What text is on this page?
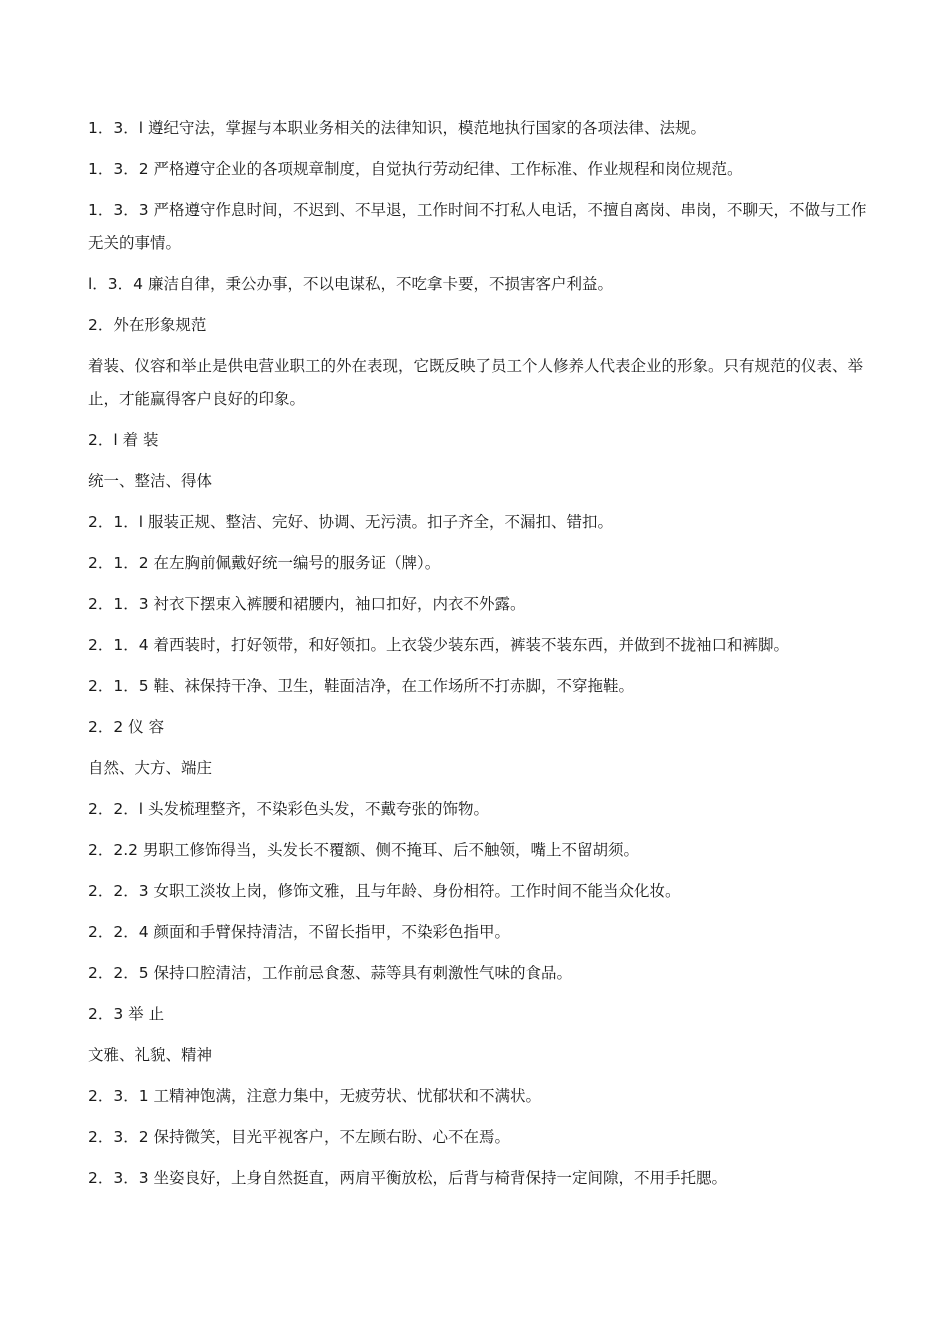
1．3．l 遵纪守法，掌握与本职业务相关的法律知识，模范地执行国家的各项法律、法规。

1．3．2 严格遵守企业的各项规章制度，自觉执行劳动纪律、工作标准、作业规程和岗位规范。

1．3．3 严格遵守作息时间，不迟到、不早退，工作时间不打私人电话，不擅自离岗、串岗，不聊天，不做与工作无关的事情。

l．3．4 廉洁自律，秉公办事，不以电谋私，不吃拿卡要，不损害客户利益。

2．外在形象规范

着装、仪容和举止是供电营业职工的外在表现，它既反映了员工个人修养人代表企业的形象。只有规范的仪表、举止，才能赢得客户良好的印象。

2．l 着 装

统一、整洁、得体

2．1．l 服装正规、整洁、完好、协调、无污渍。扣子齐全，不漏扣、错扣。

2．1．2 在左胸前佩戴好统一编号的服务证（牌）。

2．1．3 衬衣下摆束入裤腰和裙腰内，袖口扣好，内衣不外露。

2．1．4 着西装时，打好领带，和好领扣。上衣袋少装东西，裤装不装东西，并做到不拢袖口和裤脚。

2．1．5 鞋、袜保持干净、卫生，鞋面洁净，在工作场所不打赤脚，不穿拖鞋。

2．2 仪 容

自然、大方、端庄

2．2．l 头发梳理整齐，不染彩色头发，不戴夸张的饰物。

2．2.2 男职工修饰得当，头发长不覆额、侧不掩耳、后不触领，嘴上不留胡须。

2．2．3 女职工淡妆上岗，修饰文雅，且与年龄、身份相符。工作时间不能当众化妆。

2．2．4 颜面和手臂保持清洁，不留长指甲，不染彩色指甲。

2．2．5 保持口腔清洁，工作前忌食葱、蒜等具有刺激性气味的食品。

2．3 举 止

文雅、礼貌、精神

2．3．1 工精神饱满，注意力集中，无疲劳状、忧郁状和不满状。

2．3．2 保持微笑，目光平视客户，不左顾右盼、心不在焉。

2．3．3 坐姿良好，上身自然挺直，两肩平衡放松，后背与椅背保持一定间隙，不用手托腮。
